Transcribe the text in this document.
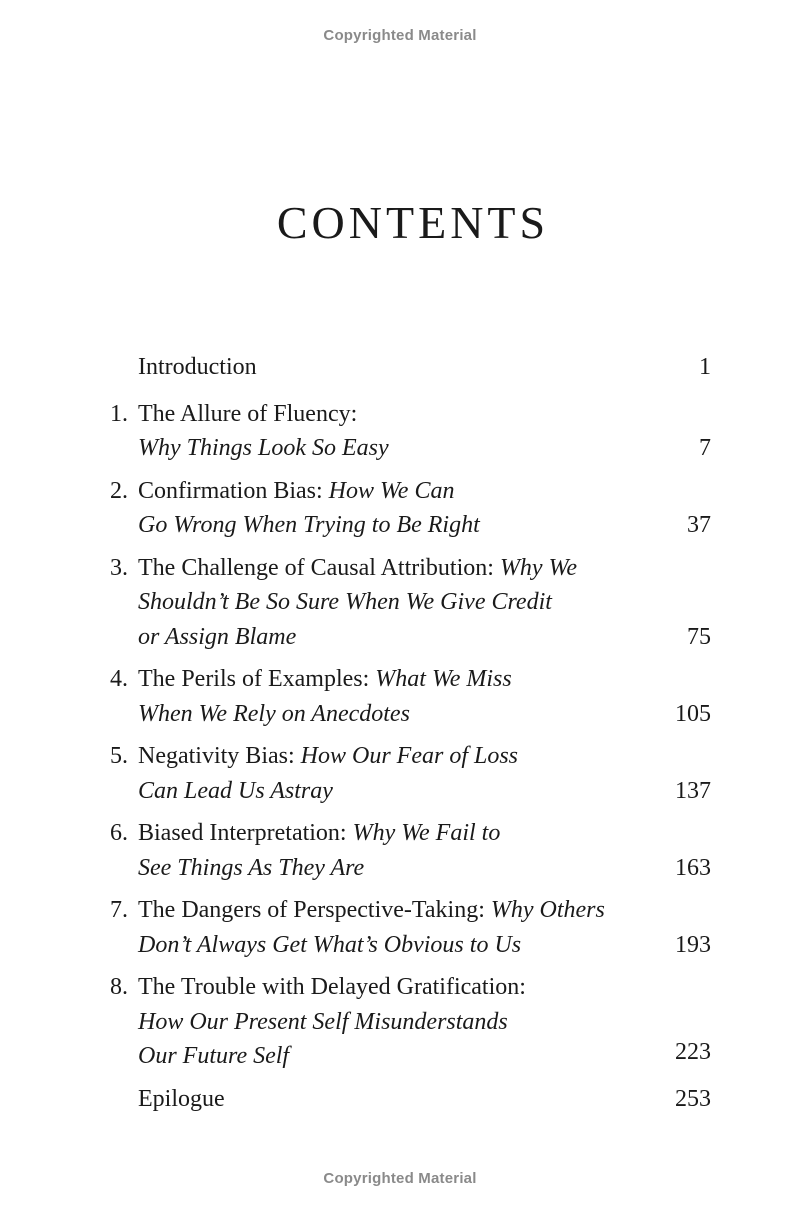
Copyrighted Material
CONTENTS
Introduction	1
1. The Allure of Fluency:
Why Things Look So Easy	7
2. Confirmation Bias: How We Can
Go Wrong When Trying to Be Right	37
3. The Challenge of Causal Attribution: Why We
Shouldn’t Be So Sure When We Give Credit
or Assign Blame	75
4. The Perils of Examples: What We Miss
When We Rely on Anecdotes	105
5. Negativity Bias: How Our Fear of Loss
Can Lead Us Astray	137
6. Biased Interpretation: Why We Fail to
See Things As They Are	163
7. The Dangers of Perspective-Taking: Why Others
Don’t Always Get What’s Obvious to Us	193
8. The Trouble with Delayed Gratification:
How Our Present Self Misunderstands
Our Future Self	223
Epilogue	253
Copyrighted Material
